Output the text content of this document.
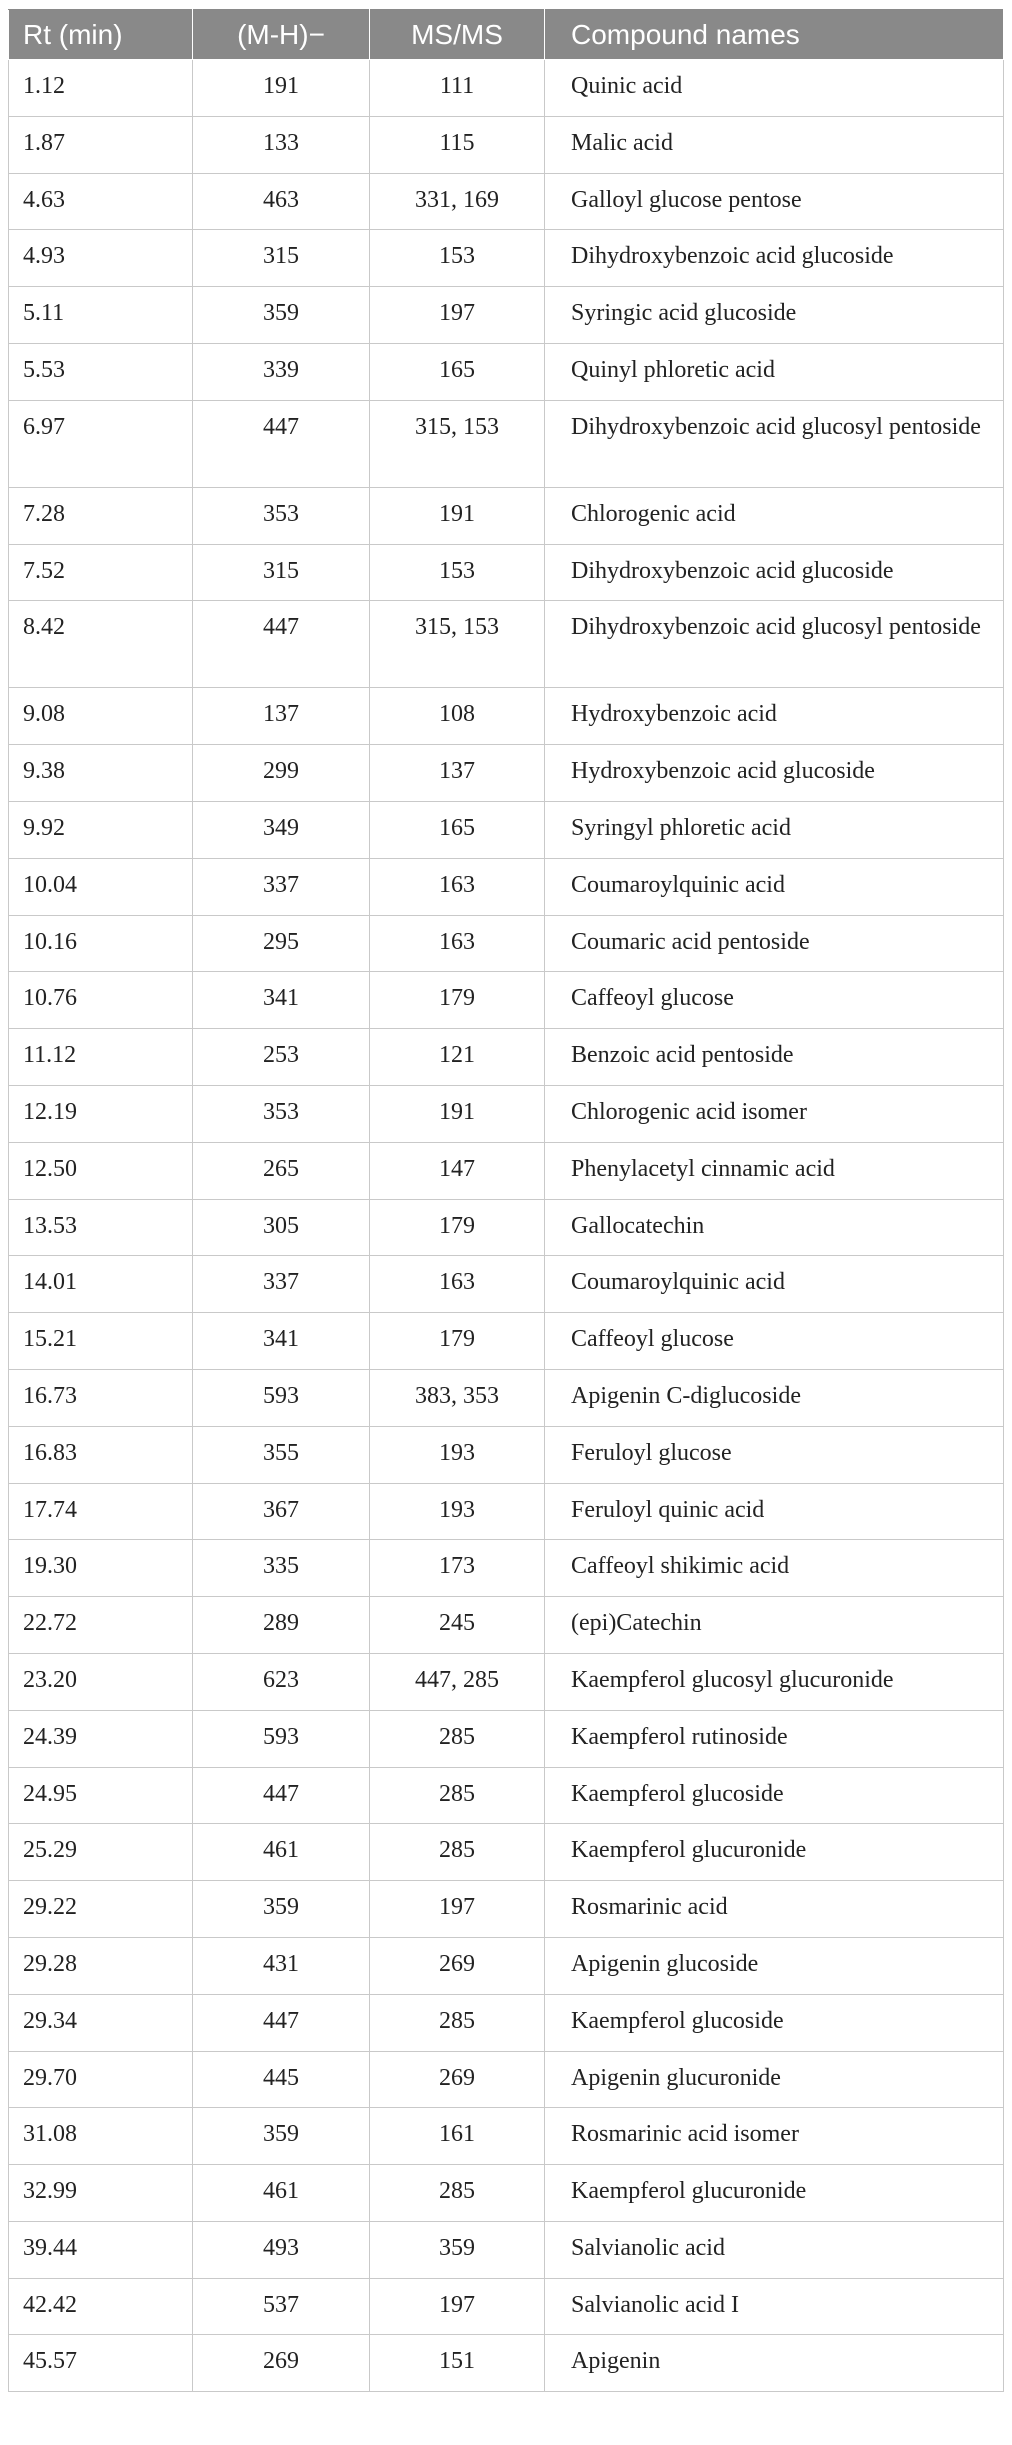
Rt (min)	(M-H)−	MS/MS	Compound names
1.12	191	111	Quinic acid
1.87	133	115	Malic acid
4.63	463	331, 169	Galloyl glucose pentose
4.93	315	153	Dihydroxybenzoic acid glucoside
5.11	359	197	Syringic acid glucoside
5.53	339	165	Quinyl phloretic acid
6.97	447	315, 153	Dihydroxybenzoic acid glucosyl pentoside
7.28	353	191	Chlorogenic acid
7.52	315	153	Dihydroxybenzoic acid glucoside
8.42	447	315, 153	Dihydroxybenzoic acid glucosyl pentoside
9.08	137	108	Hydroxybenzoic acid
9.38	299	137	Hydroxybenzoic acid glucoside
9.92	349	165	Syringyl phloretic acid
10.04	337	163	Coumaroylquinic acid
10.16	295	163	Coumaric acid pentoside
10.76	341	179	Caffeoyl glucose
11.12	253	121	Benzoic acid pentoside
12.19	353	191	Chlorogenic acid isomer
12.50	265	147	Phenylacetyl cinnamic acid
13.53	305	179	Gallocatechin
14.01	337	163	Coumaroylquinic acid
15.21	341	179	Caffeoyl glucose
16.73	593	383, 353	Apigenin C-diglucoside
16.83	355	193	Feruloyl glucose
17.74	367	193	Feruloyl quinic acid
19.30	335	173	Caffeoyl shikimic acid
22.72	289	245	(epi)Catechin
23.20	623	447, 285	Kaempferol glucosyl glucuronide
24.39	593	285	Kaempferol rutinoside
24.95	447	285	Kaempferol glucoside
25.29	461	285	Kaempferol glucuronide
29.22	359	197	Rosmarinic acid
29.28	431	269	Apigenin glucoside
29.34	447	285	Kaempferol glucoside
29.70	445	269	Apigenin glucuronide
31.08	359	161	Rosmarinic acid isomer
32.99	461	285	Kaempferol glucuronide
39.44	493	359	Salvianolic acid
42.42	537	197	Salvianolic acid I
45.57	269	151	Apigenin
